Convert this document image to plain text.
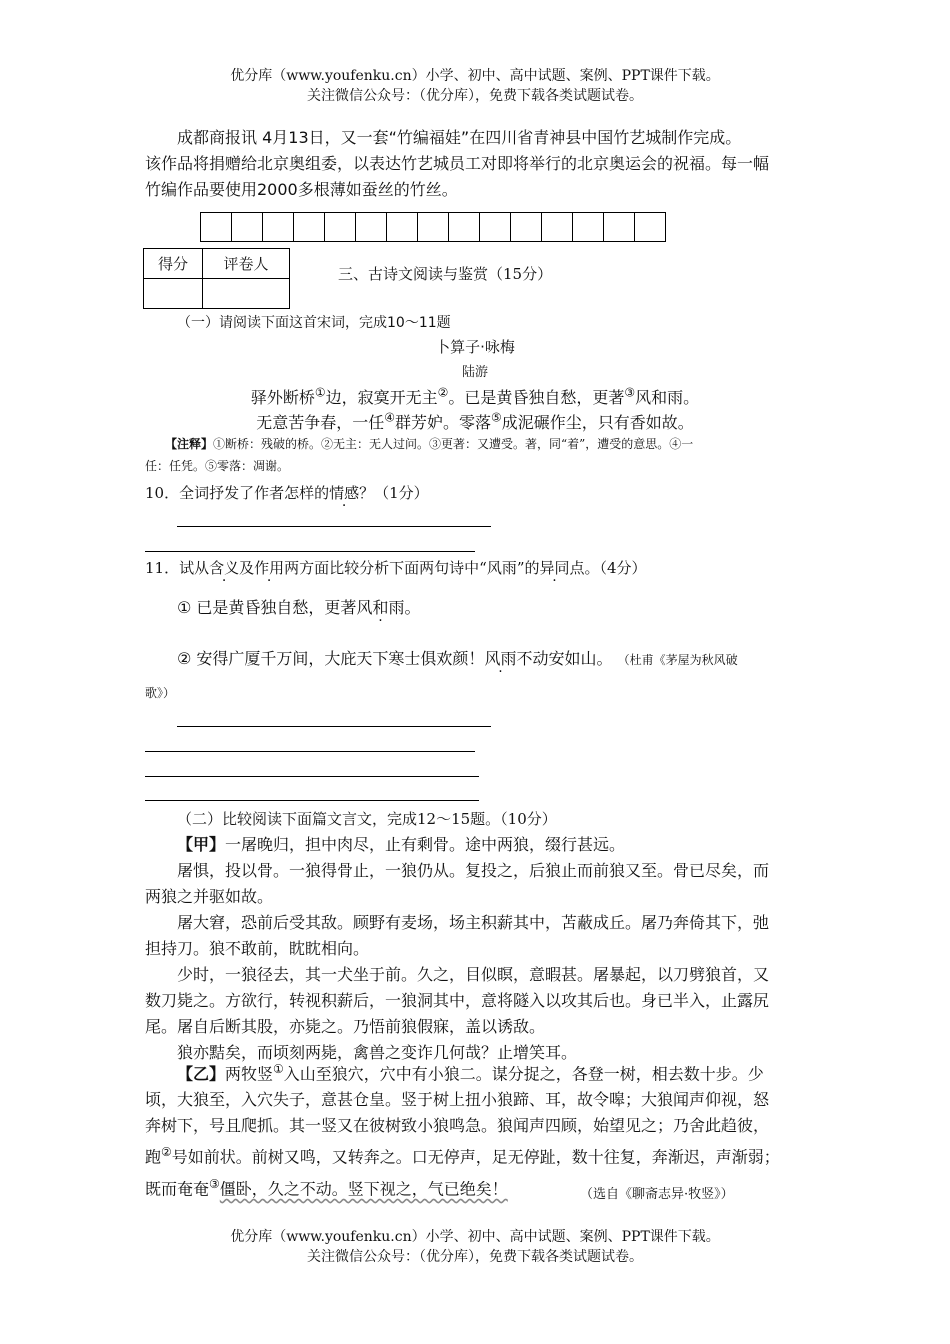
优分库（www.youfenku.cn）小学、初中、高中试题、案例、PPT课件下载。
关注微信公众号：（优分库），免费下载各类试题试卷。
成都商报讯 4月13日，又一套“竹编福娃”在四川省青神县中国竹艺城制作完成。
该作品将捐赠给北京奥组委，以表达竹艺城员工对即将举行的北京奥运会的祝福。每一幅
竹编作品要使用2000多根薄如蚕丝的竹丝。
得分	评卷人

三、古诗文阅读与鉴赏（15分）
（一）请阅读下面这首宋词，完成10～11题
卜算子·咏梅
陆游
驿外断桥①边，寂寞开无主②。已是黄昏独自愁，更著③风和雨。
无意苦争春，一任④群芳妒。零落⑤成泥碾作尘，只有香如故。
【注释】①断桥：残破的桥。②无主：无人过问。③更著：又遭受。著，同“着”，遭受的意思。④一
任：任凭。⑤零落：凋谢。
10．全词抒发了作者怎样的情感？（1分）
11．试从含义及作用两方面比较分析下面两句诗中“风雨”的异同点。（4分）
① 已是黄昏独自愁，更著风和雨。
② 安得广厦千万间，大庇天下寒士俱欢颜！风雨不动安如山。 （杜甫《茅屋为秋风破
歌》）
（二）比较阅读下面篇文言文，完成12～15题。（10分）
【甲】一屠晚归，担中肉尽，止有剩骨。途中两狼，缀行甚远。
屠惧，投以骨。一狼得骨止，一狼仍从。复投之，后狼止而前狼又至。骨已尽矣，而
两狼之并驱如故。
屠大窘，恐前后受其敌。顾野有麦场，场主积薪其中，苫蔽成丘。屠乃奔倚其下，弛
担持刀。狼不敢前，眈眈相向。
少时，一狼径去，其一犬坐于前。久之，目似瞑，意暇甚。屠暴起，以刀劈狼首，又
数刀毙之。方欲行，转视积薪后，一狼洞其中，意将隧入以攻其后也。身已半入，止露尻
尾。屠自后断其股，亦毙之。乃悟前狼假寐，盖以诱敌。
狼亦黠矣，而顷刻两毙，禽兽之变诈几何哉？止增笑耳。
【乙】两牧竖①入山至狼穴，穴中有小狼二。谋分捉之，各登一树，相去数十步。少
顷，大狼至，入穴失子，意甚仓皇。竖于树上扭小狼蹄、耳，故令嗥；大狼闻声仰视，怒
奔树下，号且爬抓。其一竖又在彼树致小狼鸣急。狼闻声四顾，始望见之；乃舍此趋彼，
跑②号如前状。前树又鸣，又转奔之。口无停声，足无停趾，数十往复，奔渐迟，声渐弱；
既而奄奄③僵卧，久之不动。竖下视之，气已绝矣！	（选自《聊斋志异·牧竖》）
优分库（www.youfenku.cn）小学、初中、高中试题、案例、PPT课件下载。
关注微信公众号：（优分库），免费下载各类试题试卷。
